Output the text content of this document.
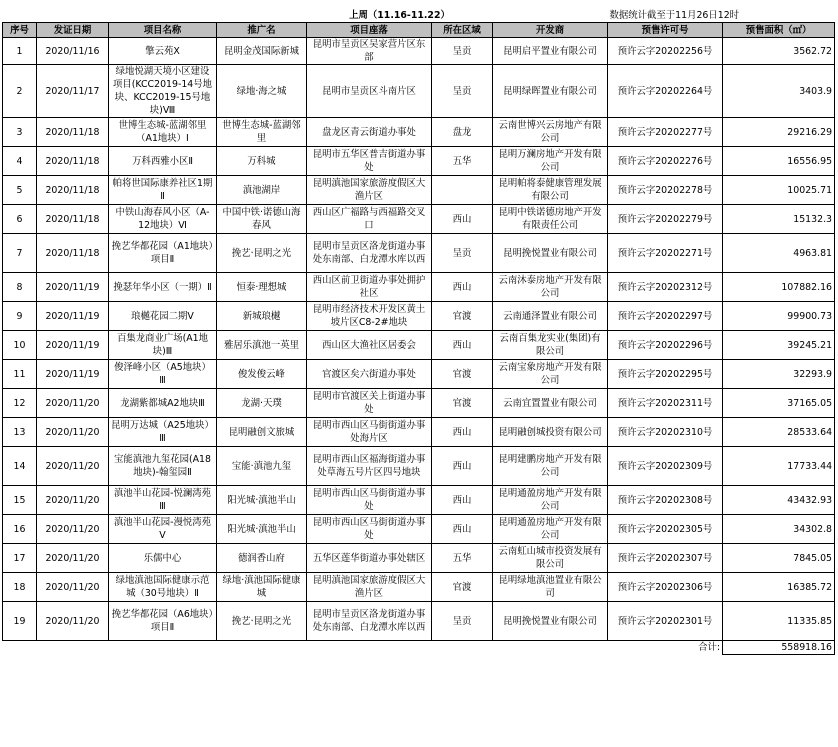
				上周（11.16-11.22）			数据统计截至于11月26日12时	
序号	发证日期	项目名称	推广名	项目座落	所在区域	开发商	预售许可号	预售面积（㎡）
1	2020/11/16	擎云苑X	昆明金茂国际新城	昆明市呈贡区吴家营片区东部	呈贡	昆明启平置业有限公司	预许云字20202256号	3562.72
2	2020/11/17	绿地悦湖天境小区建设项目(KCC2019-14号地块、KCC2019-15号地块)Ⅷ	绿地·海之城	昆明市呈贡区斗南片区	呈贡	昆明绿晖置业有限公司	预许云字20202264号	3403.9
3	2020/11/18	世博生态城-蓝湖邻里（A1地块）Ⅰ	世博生态城-蓝湖邻里	盘龙区青云街道办事处	盘龙	云南世博兴云房地产有限公司	预许云字20202277号	29216.29
4	2020/11/18	万科西雅小区Ⅱ	万科城	昆明市五华区普吉街道办事处	五华	昆明万澜房地产开发有限公司	预许云字20202276号	16556.95
5	2020/11/18	帕将世国际康养社区1期Ⅱ	滇池湖岸	昆明滇池国家旅游度假区大渔片区		昆明帕将泰健康管理发展有限公司	预许云字20202278号	10025.71
6	2020/11/18	中铁山海春风小区（A-12地块）Ⅵ	中国中铁·诺德山海春风	西山区广福路与西福路交叉口	西山	昆明中铁诺德房地产开发有限责任公司	预许云字20202279号	15132.3
7	2020/11/18	挽艺华都花园（A1地块）项目Ⅱ	挽艺·昆明之光	昆明市呈贡区洛龙街道办事处东南部、白龙潭水库以西	呈贡	昆明挽悦置业有限公司	预许云字20202271号	4963.81
8	2020/11/19	挽瑟年华小区（一期）Ⅱ	恒泰·理想城	西山区前卫街道办事处拥护社区	西山	云南沐泰房地产开发有限公司	预许云字20202312号	107882.16
9	2020/11/19	琅樾花园二期Ⅴ	新城琅樾	昆明市经济技术开发区黄土坡片区C8-2#地块	官渡	云南通泽置业有限公司	预许云字20202297号	99900.73
10	2020/11/19	百集龙商业广场(A1地块)Ⅲ	雅居乐滇池一英里	西山区大渔社区居委会	西山	云南百集龙实业(集团)有限公司	预许云字20202296号	39245.21
11	2020/11/19	俊泽峰小区（A5地块）Ⅲ	俊发俊云峰	官渡区矣六街道办事处	官渡	云南宝象房地产开发有限公司	预许云字20202295号	32293.9
12	2020/11/20	龙湖紫都城A2地块Ⅲ	龙湖·天璞	昆明市官渡区关上街道办事处	官渡	云南宜置置业有限公司	预许云字20202311号	37165.05
13	2020/11/20	昆明万达城（A25地块）Ⅲ	昆明融创文旅城	昆明市西山区马街街道办事处海片区	西山	昆明融创城投资有限公司	预许云字20202310号	28533.64
14	2020/11/20	宝能滇池九玺花园(A18地块)-翰玺园Ⅱ	宝能·滇池九玺	昆明市西山区福海街道办事处草海五号片区四号地块	西山	昆明建鹏房地产开发有限公司	预许云字20202309号	17733.44
15	2020/11/20	滇池半山花园-悦澜湾苑Ⅲ	阳光城·滇池半山	昆明市西山区马街街道办事处	西山	昆明通盈房地产开发有限公司	预许云字20202308号	43432.93
16	2020/11/20	滇池半山花园-漫悦湾苑Ⅴ	阳光城·滇池半山	昆明市西山区马街街道办事处	西山	昆明通盈房地产开发有限公司	预许云字20202305号	34302.8
17	2020/11/20	乐儒中心	德润香山府	五华区莲华街道办事处辖区	五华	云南虹山城市投资发展有限公司	预许云字20202307号	7845.05
18	2020/11/20	绿地滇池国际健康示范城（30号地块）Ⅱ	绿地·滇池国际健康城	昆明滇池国家旅游度假区大渔片区	官渡	昆明绿地滇池置业有限公司	预许云字20202306号	16385.72
19	2020/11/20	挽艺华都花园（A6地块）项目Ⅱ	挽艺·昆明之光	昆明市呈贡区洛龙街道办事处东南部、白龙潭水库以西	呈贡	昆明挽悦置业有限公司	预许云字20202301号	11335.85
							合计:	558918.16
